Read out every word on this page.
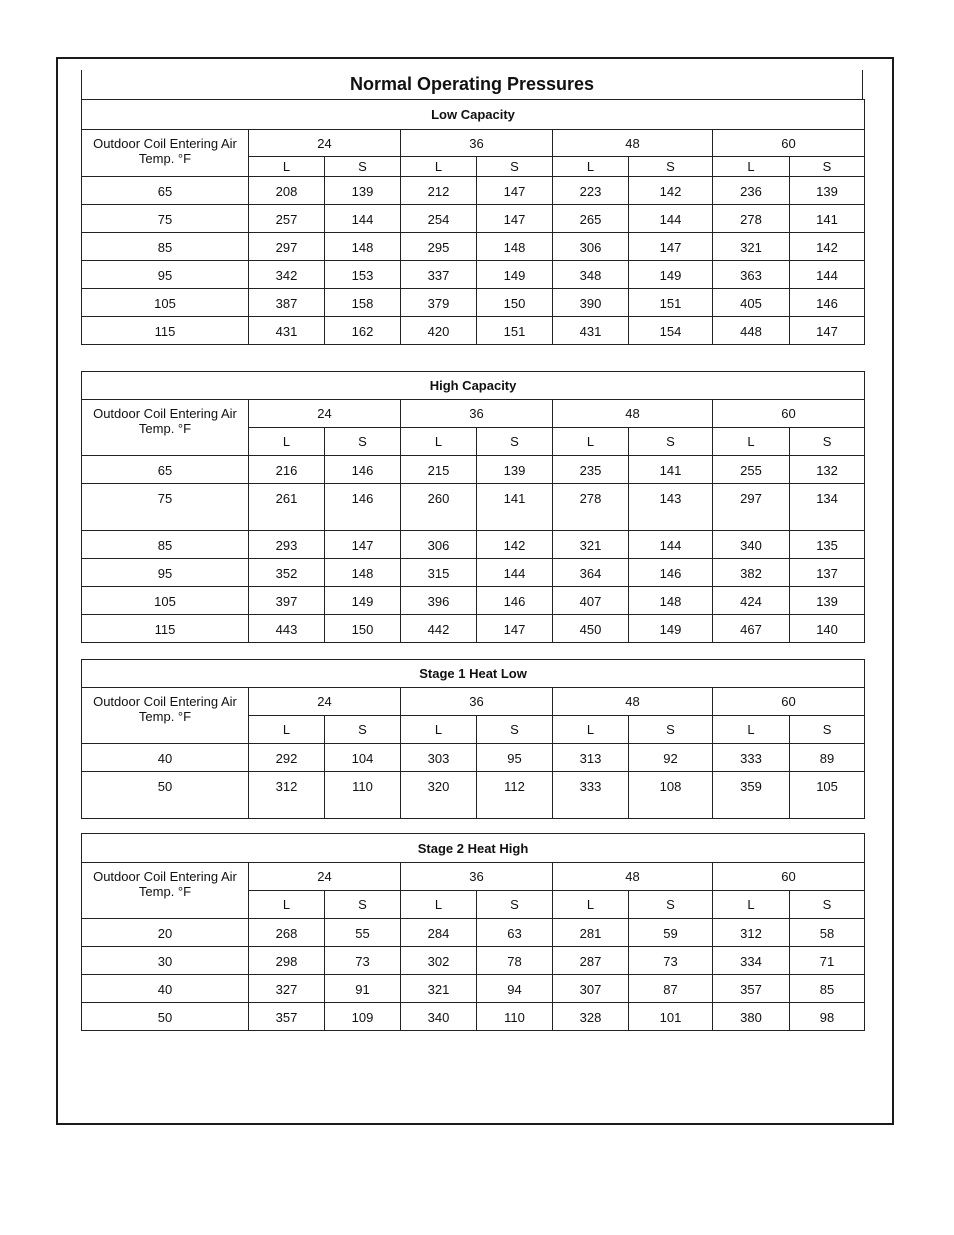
Normal Operating Pressures
Low Capacity								
Outdoor Coil Entering Air Temp. °F	24		36		48		60	
	L	S	L	S	L	S	L	S
65	208	139	212	147	223	142	236	139
75	257	144	254	147	265	144	278	141
85	297	148	295	148	306	147	321	142
95	342	153	337	149	348	149	363	144
105	387	158	379	150	390	151	405	146
115	431	162	420	151	431	154	448	147
High Capacity								
Outdoor Coil Entering Air Temp. °F	24		36		48		60	
	L	S	L	S	L	S	L	S
65	216	146	215	139	235	141	255	132
75	261	146	260	141	278	143	297	134
85	293	147	306	142	321	144	340	135
95	352	148	315	144	364	146	382	137
105	397	149	396	146	407	148	424	139
115	443	150	442	147	450	149	467	140
Stage 1 Heat Low								
Outdoor Coil Entering Air Temp. °F	24		36		48		60	
	L	S	L	S	L	S	L	S
40	292	104	303	95	313	92	333	89
50	312	110	320	112	333	108	359	105
Stage 2 Heat High								
Outdoor Coil Entering Air Temp. °F	24		36		48		60	
	L	S	L	S	L	S	L	S
20	268	55	284	63	281	59	312	58
30	298	73	302	78	287	73	334	71
40	327	91	321	94	307	87	357	85
50	357	109	340	110	328	101	380	98
